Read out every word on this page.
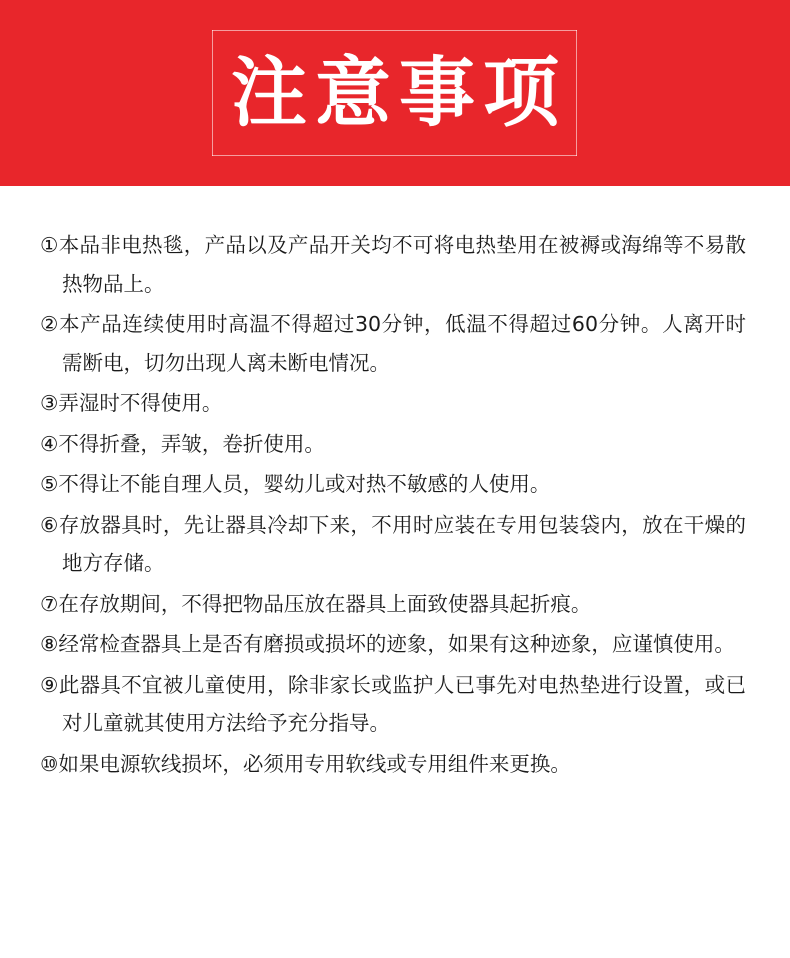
注意事项
①本品非电热毯，产品以及产品开关均不可将电热垫用在被褥或海绵等不易散热物品上。
②本产品连续使用时高温不得超过30分钟，低温不得超过60分钟。人离开时需断电，切勿出现人离未断电情况。
③弄湿时不得使用。
④不得折叠，弄皱，卷折使用。
⑤不得让不能自理人员，婴幼儿或对热不敏感的人使用。
⑥存放器具时，先让器具冷却下来，不用时应装在专用包装袋内，放在干燥的地方存储。
⑦在存放期间，不得把物品压放在器具上面致使器具起折痕。
⑧经常检查器具上是否有磨损或损坏的迹象，如果有这种迹象，应谨慎使用。
⑨此器具不宜被儿童使用，除非家长或监护人已事先对电热垫进行设置，或已对儿童就其使用方法给予充分指导。
⑩如果电源软线损坏，必须用专用软线或专用组件来更换。
